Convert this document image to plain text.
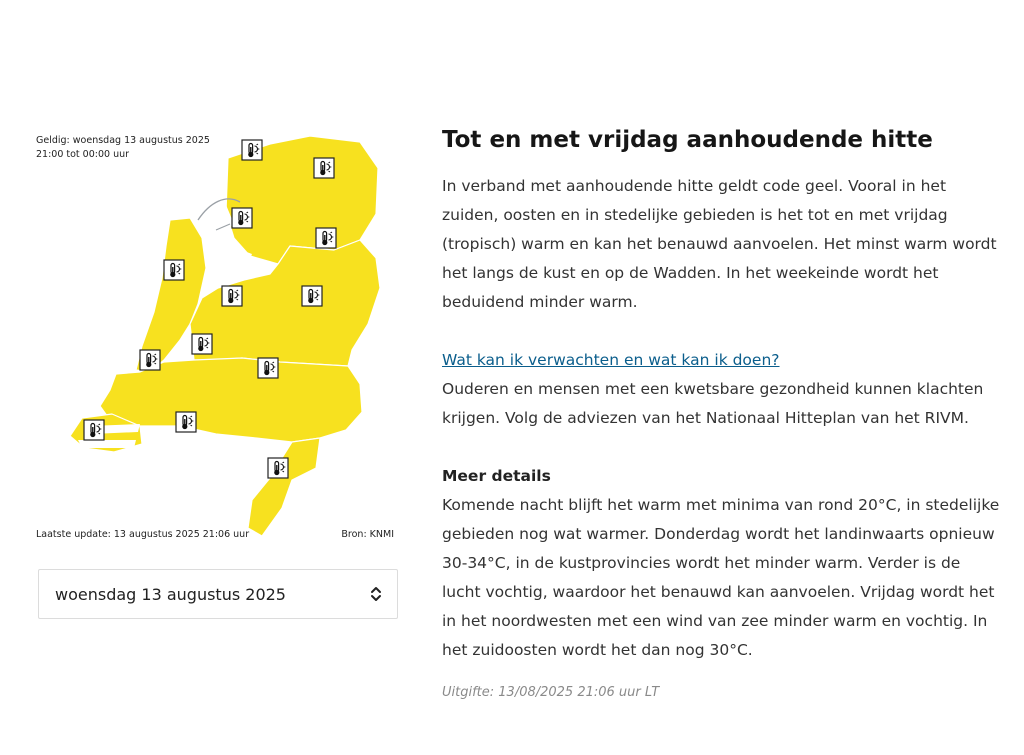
Geldig: woensdag 13 augustus 2025
21:00 tot 00:00 uur
Laatste update: 13 augustus 2025 21:06 uur	Bron: KNMI
woensdag 13 augustus 2025
Tot en met vrijdag aanhoudende hitte

In verband met aanhoudende hitte geldt code geel. Vooral in het zuiden, oosten en in stedelijke gebieden is het tot en met vrijdag (tropisch) warm en kan het benauwd aanvoelen. Het minst warm wordt het langs de kust en op de Wadden. In het weekeinde wordt het beduidend minder warm.

Wat kan ik verwachten en wat kan ik doen?

Ouderen en mensen met een kwetsbare gezondheid kunnen klachten krijgen. Volg de adviezen van het Nationaal Hitteplan van het RIVM.

Meer details

Komende nacht blijft het warm met minima van rond 20°C, in stedelijke gebieden nog wat warmer. Donderdag wordt het landinwaarts opnieuw 30-34°C, in de kustprovincies wordt het minder warm. Verder is de lucht vochtig, waardoor het benauwd kan aanvoelen. Vrijdag wordt het in het noordwesten met een wind van zee minder warm en vochtig. In het zuidoosten wordt het dan nog 30°C.

Uitgifte: 13/08/2025 21:06 uur LT
